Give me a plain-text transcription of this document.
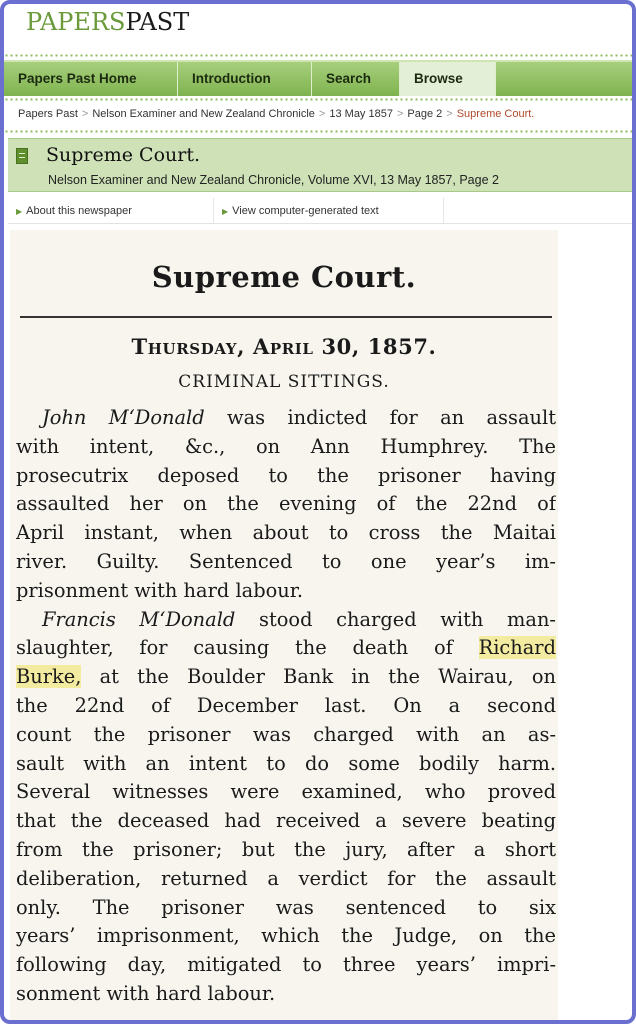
PAPERSPAST
Papers Past Home	Introduction	Search	Browse
Papers Past > Nelson Examiner and New Zealand Chronicle > 13 May 1857 > Page 2 > Supreme Court.
Supreme Court.
Nelson Examiner and New Zealand Chronicle, Volume XVI, 13 May 1857, Page 2
▶ About this newspaper	▶ View computer-generated text
Supreme Court.
Thursday, April 30, 1857.
CRIMINAL SITTINGS.
John M‘Donald was indicted for an assault
with intent, &c., on Ann Humphrey. The
prosecutrix deposed to the prisoner having
assaulted her on the evening of the 22nd of
April instant, when about to cross the Maitai
river. Guilty. Sentenced to one year’s im-
prisonment with hard labour.
Francis M‘Donald stood charged with man-
slaughter, for causing the death of Richard
Burke, at the Boulder Bank in the Wairau, on
the 22nd of December last. On a second
count the prisoner was charged with an as-
sault with an intent to do some bodily harm.
Several witnesses were examined, who proved
that the deceased had received a severe beating
from the prisoner; but the jury, after a short
deliberation, returned a verdict for the assault
only. The prisoner was sentenced to six
years’ imprisonment, which the Judge, on the
following day, mitigated to three years’ impri-
sonment with hard labour.
